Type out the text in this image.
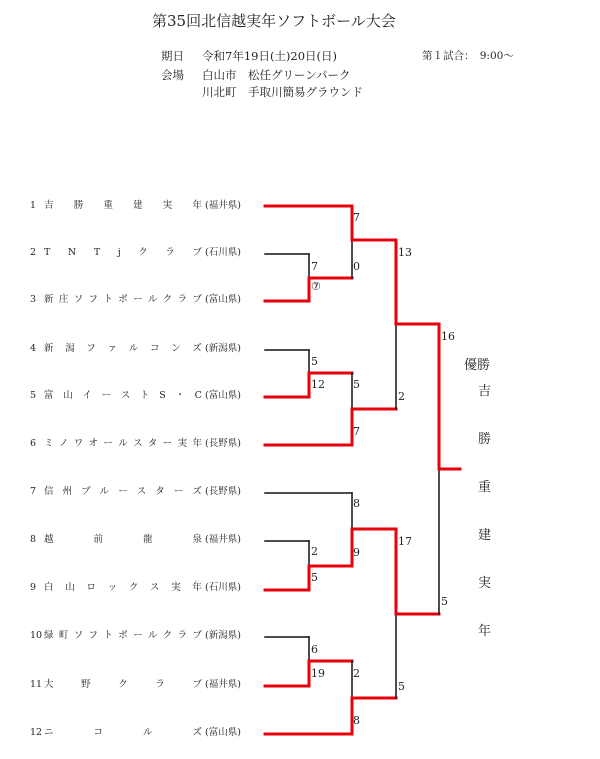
第35回北信越実年ソフトボール大会
期日 令和7年19日(土)20日(日)	第１試合：　9:00〜
会場 白山市　松任グリーンパーク
川北町　手取川簡易グラウンド
1 吉 勝 重 建 実 年 (福井県)
2 T N T j ク ラ ブ (石川県)
3 新 庄 ソ フ ト ボ ー ル ク ラ ブ (富山県)
4 新 潟 フ ァ ル コ ン ズ (新潟県)
5 富 山 イ ー ス ト S ・ C (富山県)
6 ミ ノ ワ オ ー ル ス タ ー 実 年 (長野県)
7 信 州 ブ ル ー ス タ ー ズ (長野県)
8 越	前	龍	泉 (福井県)
9 白 山 ロ ッ ク ス 実 年 (石川県)
10 緑 町 ソ フ ト ボ ー ル ク ラ ブ (新潟県)
11 大	野	ク	ラ	ブ (福井県)
12 ニ	コ	ル	ズ (富山県)
7
⑦
7	0
12
5
5
7
13
2
2
5
8
9
6
19	2
8
17
5
16
5
優勝
吉
勝
重
建
実
年
